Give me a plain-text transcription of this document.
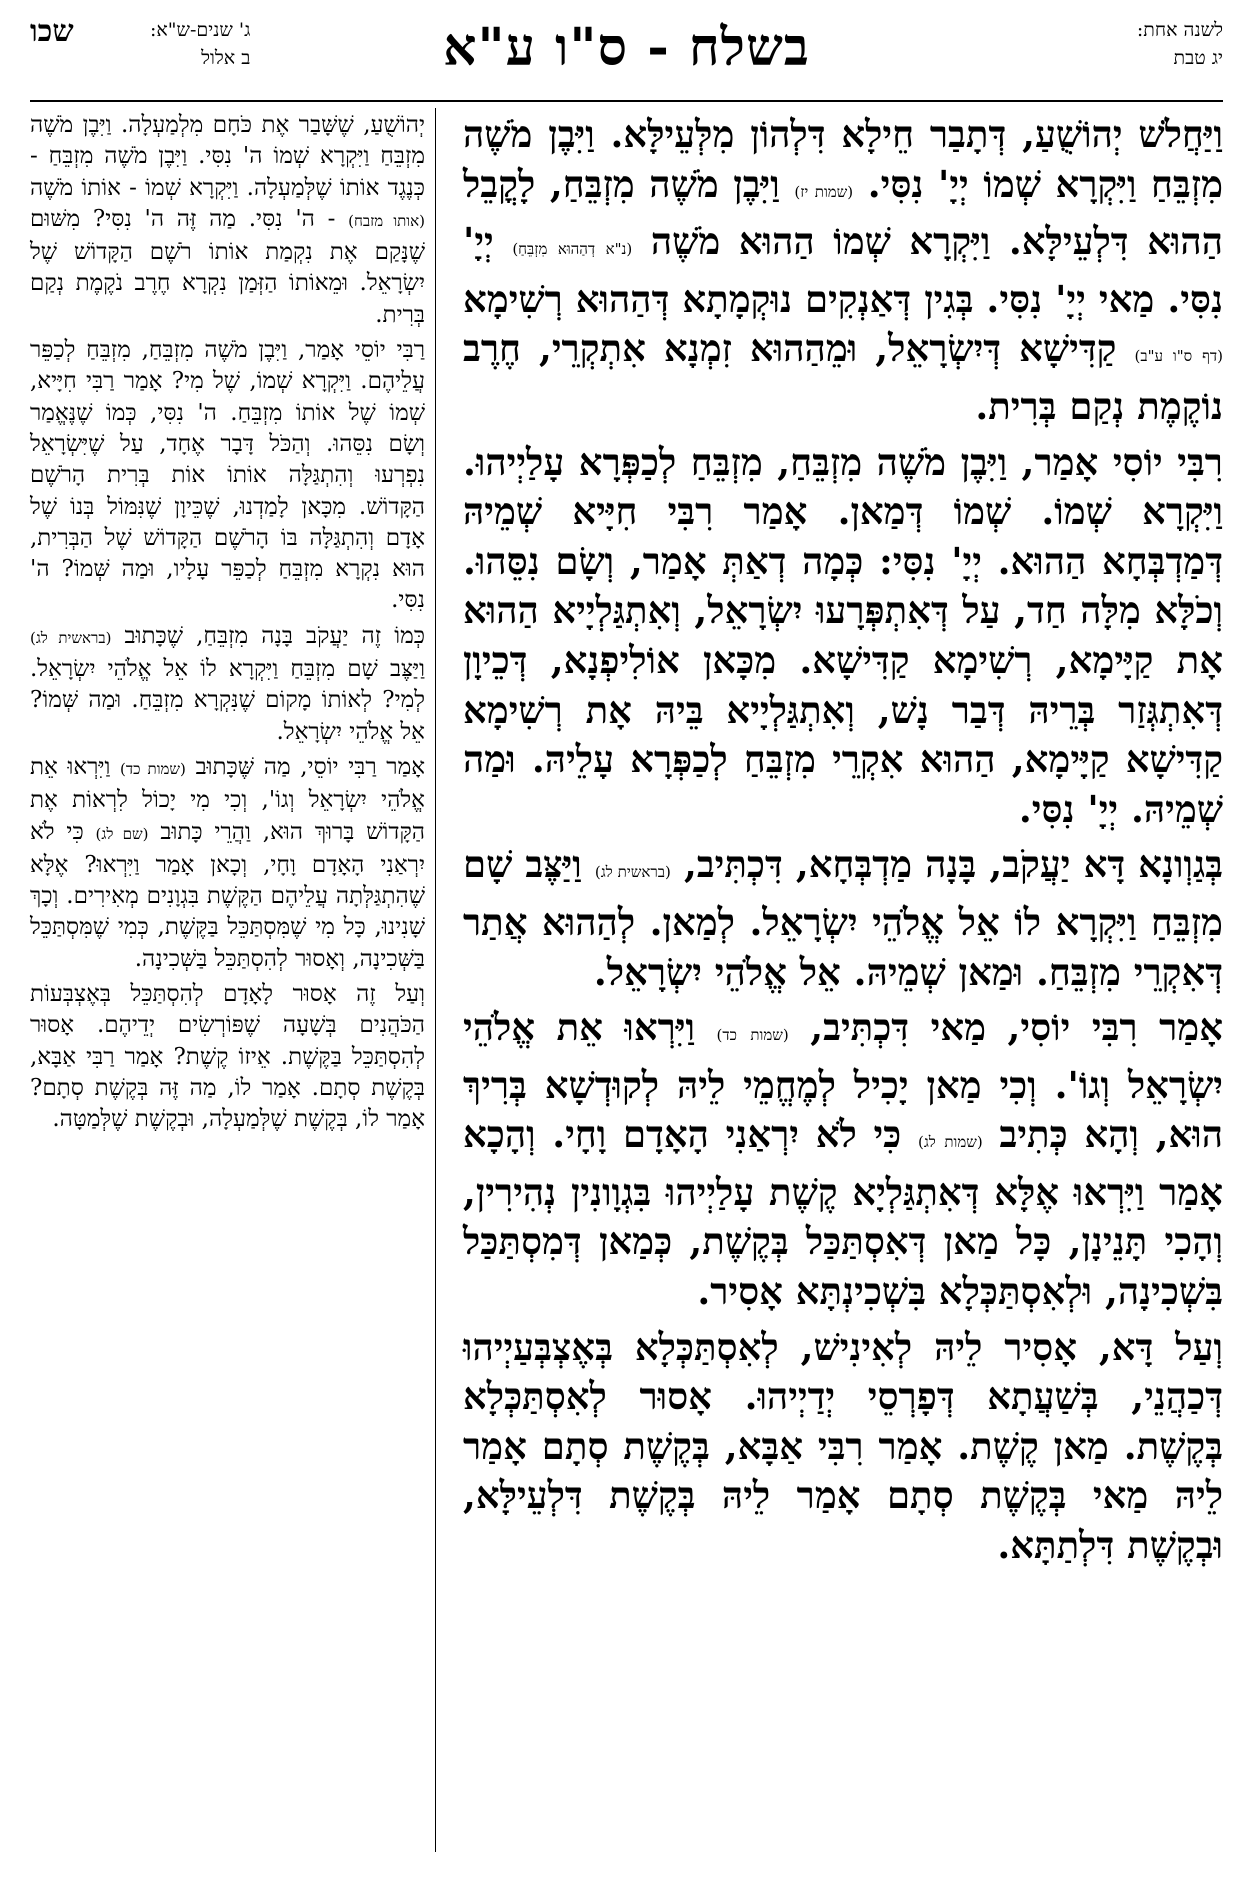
לשנה אחת:
יג טבת
בשלח - ס"ו ע"א
ג' שנים-ש"א:
ב אלול
שכו

וַיַּחֲלֹשׁ יְהוֹשֻׁעַ, דְּתָבַר חֵילָא דִּלְהוֹן מִלְּעֵילָּא. וַיִּבֶן מֹשֶׁה מִזְבֵּחַ וַיִּקְרָא שְׁמוֹ יְיָ' נִסִּי. (שמות יז) וַיִּבֶן מֹשֶׁה מִזְבֵּחַ, לָקֳבֵל הַהוּא דִּלְעֵילָּא. וַיִּקְרָא שְׁמוֹ הַהוּא מֹשֶׁה (נ"א דְהַהוּא מִזְבֵּחַ) יְיָ' נִסִּי. מַאי יְיָ' נִסִּי. בְּגִין דְּאַנְקִים נוּקְמָתָא דְּהַהוּא רְשִׁימָא (דף ס"ו ע"ב) קַדִּישָׁא דְּיִשְׂרָאֵל, וּמֵהַהוּא זִמְנָא אִתְקְרֵי, חֶרֶב נוֹקֶמֶת נְקַם בְּרִית.

רִבִּי יוֹסִי אָמַר, וַיִּבֶן מֹשֶׁה מִזְבֵּחַ, מִזְבֵּחַ לְכַפְּרָא עָלַיְיהוּ. וַיִּקְרָא שְׁמוֹ. שְׁמוֹ דְּמַאן. אָמַר רִבִּי חִיָּיא שְׁמֵיהּ דְּמַדְבְּחָא הַהוּא. יְיָ' נִסִּי: כְּמָה דְאַתְּ אָמַר, וְשָׂם נִסֵּהוּ. וְכֹלָּא מִלָּה חַד, עַל דְּאִתְפְּרָעוּ יִשְׂרָאֵל, וְאִתְגַּלְיָיא הַהוּא אָת קַיָּימָא, רְשִׁימָא קַדִּישָׁא. מִכָּאן אוֹלִיפְנָא, דְּכֵיוָן דְּאִתְגְּזַר בְּרֵיהּ דְּבַר נָשׁ, וְאִתְגַּלְיָיא בֵּיהּ אָת רְשִׁימָא קַדִּישָׁא קַיָּימָא, הַהוּא אִקְרֵי מִזְבֵּחַ לְכַפְּרָא עָלֵיהּ. וּמַה שְׁמֵיהּ. יְיָ' נִסִּי.

בְּגַוְונָא דָּא יַעֲקֹב, בָּנָה מַדְבְּחָא, דִּכְתִּיב, (בראשית לג) וַיַּצֶּב שָׁם מִזְבֵּחַ וַיִּקְרָא לוֹ אֵל אֱלֹהֵי יִשְׂרָאֵל. לְמַאן. לְהַהוּא אֲתַר דְּאִקְרֵי מִזְבֵּחַ. וּמַאן שְׁמֵיהּ. אֵל אֱלֹהֵי יִשְׂרָאֵל.

אָמַר רִבִּי יוֹסִי, מַאי דִּכְתִּיב, (שמות כד) וַיִּרְאוּ אֵת אֱלֹהֵי יִשְׂרָאֵל וְגוֹ'. וְכִי מַאן יָכִיל לְמֶחֱמֵי לֵיהּ לְקוּדְשָׁא בְּרִיךְ הוּא, וְהָא כְּתִיב (שמות לג) כִּי לֹא יִרְאַנִי הָאָדָם וָחָי. וְהָכָא אָמַר וַיִּרְאוּ אֶלָּא דְּאִתְגַּלְיָא קֶשֶׁת עָלַיְיהוּ בִּגְוָונִין נְהִירִין, וְהָכִי תָּנֵינָן, כָּל מַאן דְּאִסְתַּכַּל בְּקֶשֶׁת, כְּמַאן דְּמִסְתַּכַּל בִּשְׁכִינָה, וּלְאִסְתַּכְּלָא בִּשְׁכִינְתָּא אָסִיר.

וְעַל דָּא, אָסִיר לֵיהּ לְאִינִישׁ, לְאִסְתַּכְּלָא בְּאֶצְבְּעַיְיהוּ דְּכַהֲנֵי, בְּשַׁעֲתָא דְּפָרְסֵי יְדַיְיהוּ. אָסוּר לְאִסְתַּכְּלָא בְּקֶשֶׁת. מַאן קֶשֶׁת. אָמַר רִבִּי אַבָּא, בְּקֶשֶׁת סְתָם אָמַר לֵיהּ מַאי בְּקֶשֶׁת סְתָם אָמַר לֵיהּ בְּקֶשֶׁת דִּלְעֵילָּא, וּבְקֶשֶׁת דִּלְתַתָּא.

יְהוֹשֻׁעַ, שֶׁשָּׁבַר אֶת כֹּחָם מִלְמַעְלָה. וַיִּבֶן מֹשֶׁה מִזְבֵּחַ וַיִּקְרָא שְׁמוֹ ה' נִסִּי. וַיִּבֶן מֹשֶׁה מִזְבֵּחַ - כְּנֶגֶד אוֹתוֹ שֶׁלְּמַעְלָה. וַיִּקְרָא שְׁמוֹ - אוֹתוֹ מֹשֶׁה (אותו מזבח) - ה' נִסִּי. מַה זֶּה ה' נִסִּי? מִשּׁוּם שֶׁנָּקַם אֶת נִקְמַת אוֹתוֹ רֹשֶׁם הַקָּדוֹשׁ שֶׁל יִשְׂרָאֵל. וּמֵאוֹתוֹ הַזְּמַן נִקְרָא חֶרֶב נֹקֶמֶת נְקַם בְּרִית.

רַבִּי יוֹסֵי אָמַר, וַיִּבֶן מֹשֶׁה מִזְבֵּחַ, מִזְבֵּחַ לְכַפֵּר עֲלֵיהֶם. וַיִּקְרָא שְׁמוֹ, שֶׁל מִי? אָמַר רַבִּי חִיָּיא, שְׁמוֹ שֶׁל אוֹתוֹ מִזְבֵּחַ. ה' נִסִּי, כְּמוֹ שֶׁנֶּאֱמַר וְשָׂם נִסֵּהוּ. וְהַכֹּל דָּבָר אֶחָד, עַל שֶׁיִּשְׂרָאֵל נִפְרְעוּ וְהִתְגַּלָּה אוֹתוֹ אוֹת בְּרִית הָרֹשֶׁם הַקָּדוֹשׁ. מִכָּאן לָמַדְנוּ, שֶׁכֵּיוָן שֶׁנִּמּוֹל בְּנוֹ שֶׁל אָדָם וְהִתְגַּלָּה בּוֹ הָרֹשֶׁם הַקָּדוֹשׁ שֶׁל הַבְּרִית, הוּא נִקְרָא מִזְבֵּחַ לְכַפֵּר עָלָיו, וּמַה שְּׁמוֹ? ה' נִסִּי.

כְּמוֹ זֶה יַעֲקֹב בָּנָה מִזְבֵּחַ, שֶׁכָּתוּב (בראשית לג) וַיַּצֶּב שָׁם מִזְבֵּחַ וַיִּקְרָא לוֹ אֵל אֱלֹהֵי יִשְׂרָאֵל. לְמִי? לְאוֹתוֹ מָקוֹם שֶׁנִּקְרָא מִזְבֵּחַ. וּמַה שְּׁמוֹ? אֵל אֱלֹהֵי יִשְׂרָאֵל.

אָמַר רַבִּי יוֹסֵי, מַה שֶּׁכָּתוּב (שמות כד) וַיִּרְאוּ אֵת אֱלֹהֵי יִשְׂרָאֵל וְגוֹ', וְכִי מִי יָכוֹל לִרְאוֹת אֶת הַקָּדוֹשׁ בָּרוּךְ הוּא, וַהֲרֵי כָּתוּב (שם לג) כִּי לֹא יִרְאַנִי הָאָדָם וָחָי, וְכָאן אָמַר וַיִּרְאוּ? אֶלָּא שֶׁהִתְגַּלְּתָה עֲלֵיהֶם הַקֶּשֶׁת בִּגְוָנִים מְאִירִים. וְכָךְ שָׁנִינוּ, כָּל מִי שֶׁמִּסְתַּכֵּל בַּקֶּשֶׁת, כְּמִי שֶׁמִּסְתַּכֵּל בַּשְּׁכִינָה, וְאָסוּר לְהִסְתַּכֵּל בַּשְּׁכִינָה.

וְעַל זֶה אָסוּר לָאָדָם לְהִסְתַּכֵּל בְּאֶצְבְּעוֹת הַכֹּהֲנִים בְּשָׁעָה שֶׁפּוֹרְשִׂים יְדֵיהֶם. אָסוּר לְהִסְתַּכֵּל בַּקֶּשֶׁת. אֵיזוֹ קֶשֶׁת? אָמַר רַבִּי אַבָּא, בְּקֶשֶׁת סְתָם. אָמַר לוֹ, מַה זֶּה בְּקֶשֶׁת סְתָם? אָמַר לוֹ, בְּקֶשֶׁת שֶׁלְּמַעְלָה, וּבְקֶשֶׁת שֶׁלְּמַטָּה.
